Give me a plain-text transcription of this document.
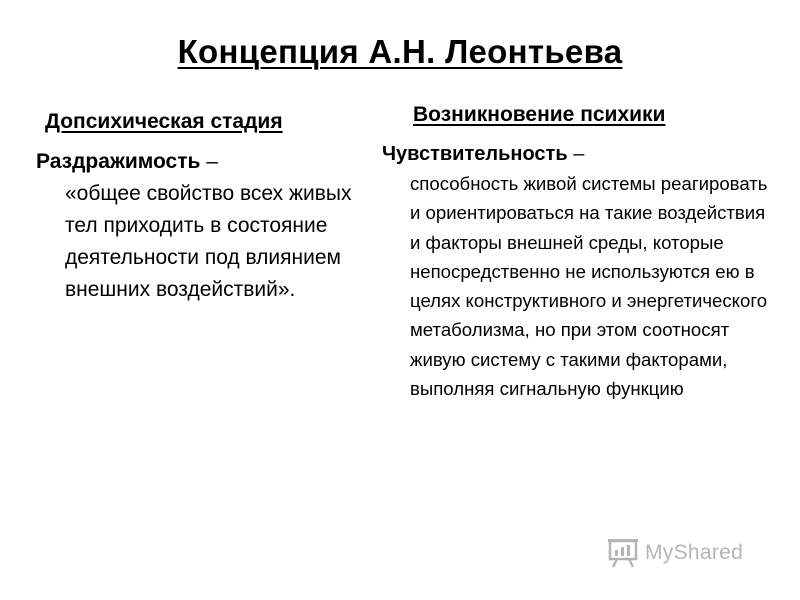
Концепция А.Н. Леонтьева
Допсихическая стадия
Раздражимость –
«общее свойство всех живых тел приходить в состояние деятельности под влиянием внешних воздействий».
Возникновение психики
Чувствительность –
способность живой системы реагировать и ориентироваться на такие воздействия и факторы внешней среды, которые непосредственно не используются ею в целях конструктивного и энергетического метаболизма, но при этом соотносят живую систему с такими факторами, выполняя сигнальную функцию
MyShared
